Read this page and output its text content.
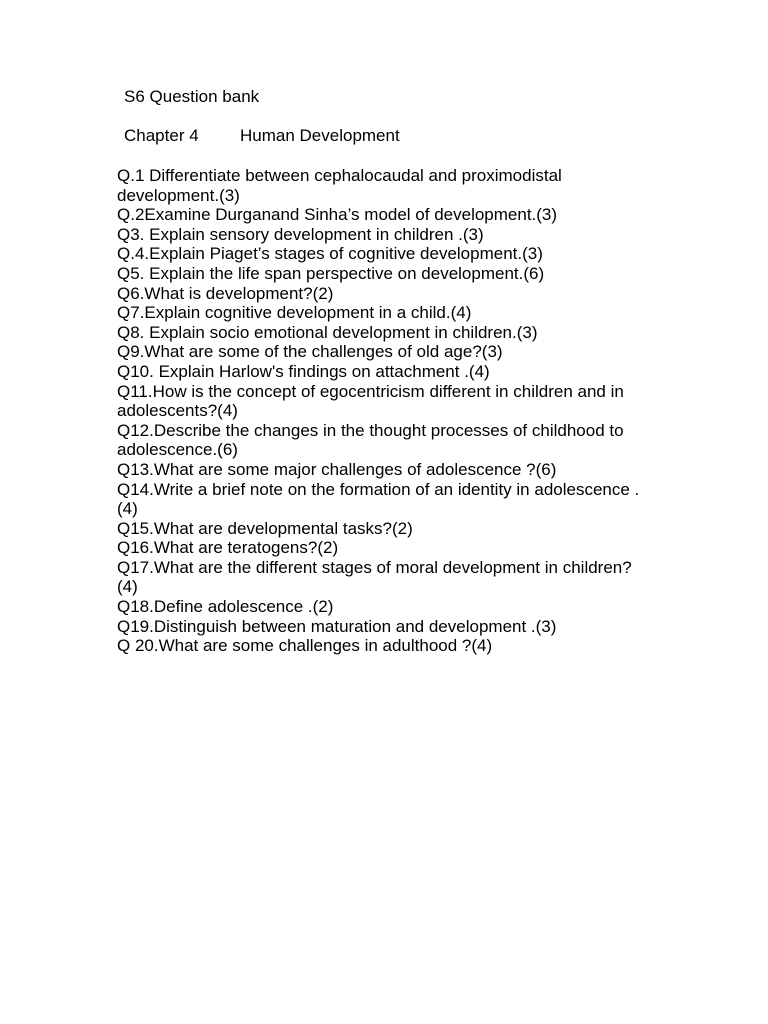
S6 Question bank
Chapter 4 Human Development
Q.1 Differentiate between cephalocaudal and proximodistal development.(3)
Q.2Examine Durganand Sinha’s model of development.(3)
Q3. Explain sensory development in children .(3)
Q.4.Explain Piaget’s stages of cognitive development.(3)
Q5. Explain the life span perspective on development.(6)
Q6.What is development?(2)
Q7.Explain cognitive development in a child.(4)
Q8. Explain socio emotional development in children.(3)
Q9.What are some of the challenges of old age?(3)
Q10. Explain Harlow's findings on attachment .(4)
Q11.How is the concept of egocentricism different in children and in adolescents?(4)
Q12.Describe the changes in the thought processes of childhood to adolescence.(6)
Q13.What are some major challenges of adolescence ?(6)
Q14.Write a brief note on the formation of an identity in adolescence .(4)
Q15.What are developmental tasks?(2)
Q16.What are teratogens?(2)
Q17.What are the different stages of moral development in children?(4)
Q18.Define adolescence .(2)
Q19.Distinguish between maturation and development .(3)
Q 20.What are some challenges in adulthood ?(4)
